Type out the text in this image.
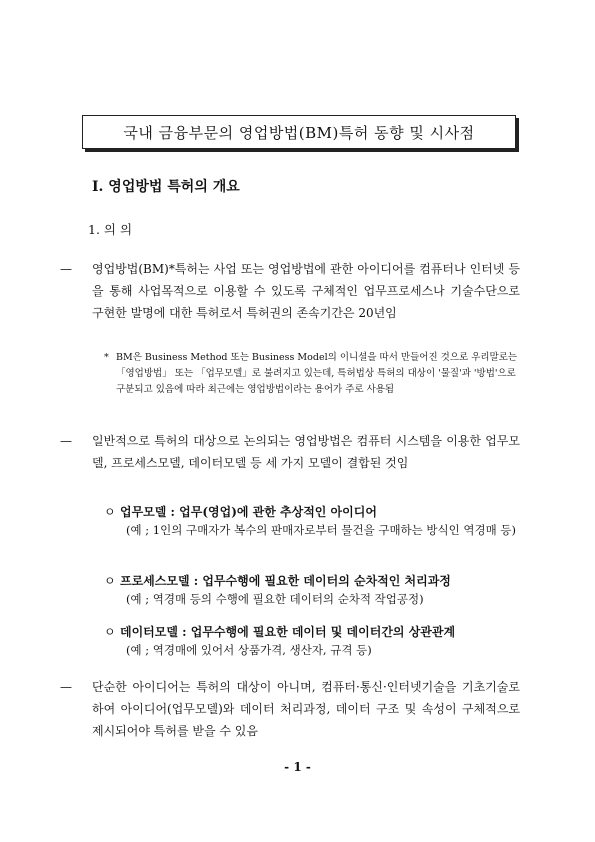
국내 금융부문의 영업방법(BM)특허 동향 및 시사점
Ⅰ. 영업방법 특허의 개요
1. 의 의
— 영업방법(BM)*특허는 사업 또는 영업방법에 관한 아이디어를 컴퓨터나 인터넷 등을 통해 사업목적으로 이용할 수 있도록 구체적인 업무프로세스나 기술수단으로 구현한 발명에 대한 특허로서 특허권의 존속기간은 20년임
* BM은 Business Method 또는 Business Model의 이니셜을 따서 만들어진 것으로 우리말로는 「영업방법」 또는 「업무모델」로 불려지고 있는데, 특허법상 특허의 대상이 '물질'과 '방법'으로 구분되고 있음에 따라 최근에는 영업방법이라는 용어가 주로 사용됨
— 일반적으로 특허의 대상으로 논의되는 영업방법은 컴퓨터 시스템을 이용한 업무모델, 프로세스모델, 데이터모델 등 세 가지 모델이 결합된 것임
ㅇ 업무모델 : 업무(영업)에 관한 추상적인 아이디어
(예 ; 1인의 구매자가 복수의 판매자로부터 물건을 구매하는 방식인 역경매 등)
ㅇ 프로세스모델 : 업무수행에 필요한 데이터의 순차적인 처리과정
(예 ; 역경매 등의 수행에 필요한 데이터의 순차적 작업공정)
ㅇ 데이터모델 : 업무수행에 필요한 데이터 및 데이터간의 상관관계
(예 ; 역경매에 있어서 상품가격, 생산자, 규격 등)
— 단순한 아이디어는 특허의 대상이 아니며, 컴퓨터·통신·인터넷기술을 기초기술로 하여 아이디어(업무모델)와 데이터 처리과정, 데이터 구조 및 속성이 구체적으로 제시되어야 특허를 받을 수 있음
- 1 -
